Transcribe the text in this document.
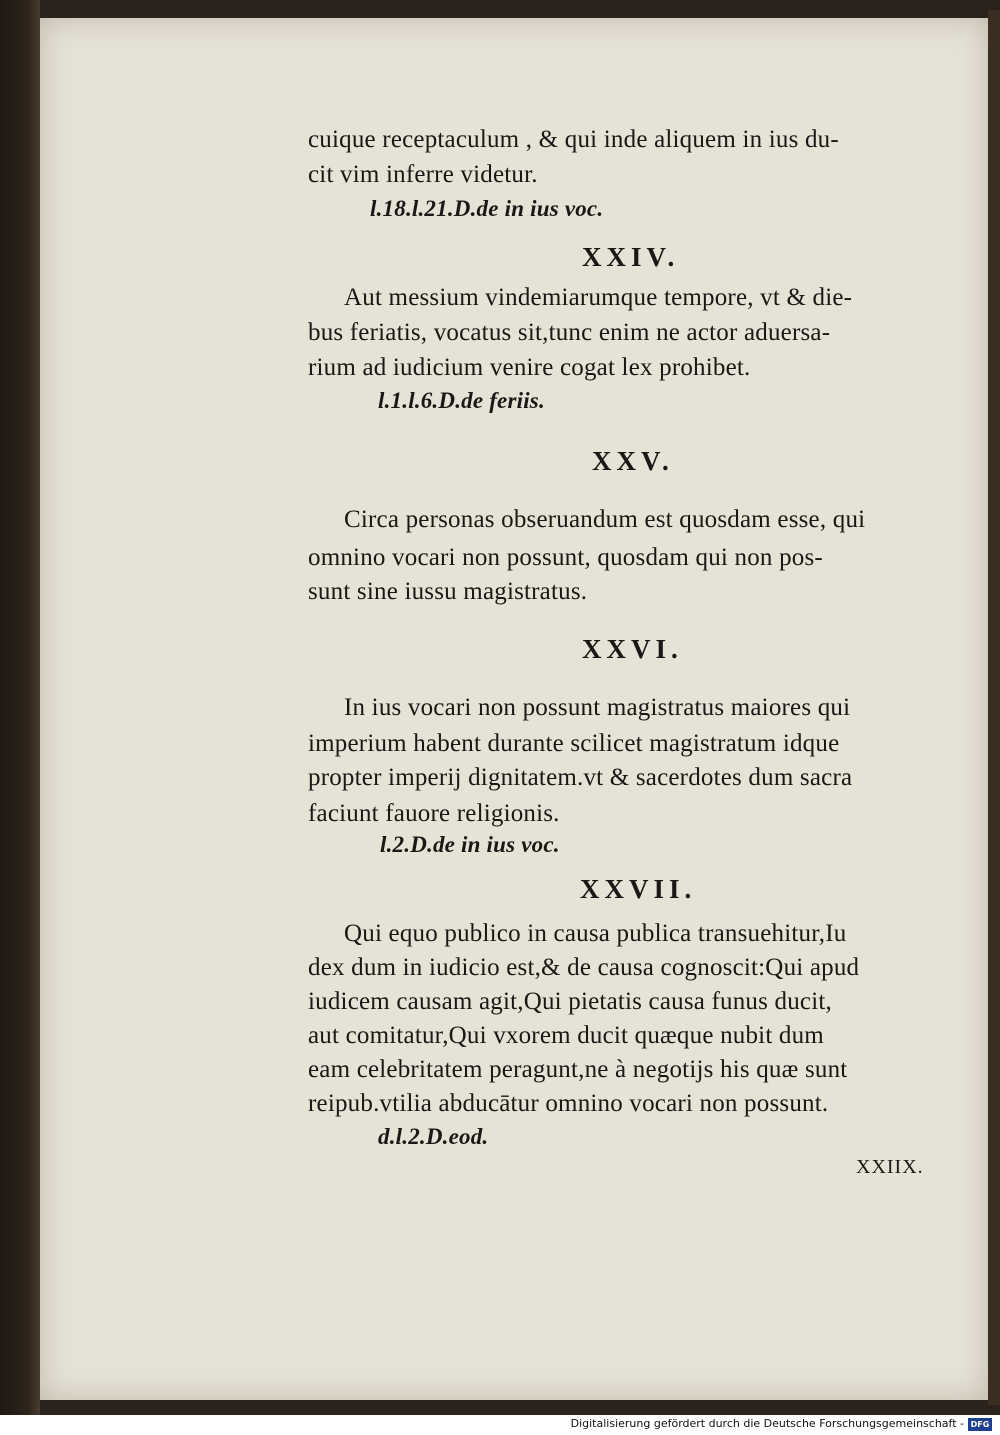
cuique receptaculum , & qui inde aliquem in ius du-
cit vim inferre videtur.
l.18.l.21.D.de in ius voc.
XXIV.
Aut messium vindemiarumque tempore, vt & die-
bus feriatis, vocatus sit,tunc enim ne actor aduersa-
rium ad iudicium venire cogat lex prohibet.
l.1.l.6.D.de feriis.
XXV.
Circa personas obseruandum est quosdam esse, qui
omnino vocari non possunt, quosdam qui non pos-
sunt sine iussu magistratus.
XXVI.
In ius vocari non possunt magistratus maiores qui
imperium habent durante scilicet magistratum idque
propter imperij dignitatem.vt & sacerdotes dum sacra
faciunt fauore religionis.
l.2.D.de in ius voc.
XXVII.
Qui equo publico in causa publica transuehitur,Iu
dex dum in iudicio est,& de causa cognoscit:Qui apud
iudicem causam agit,Qui pietatis causa funus ducit,
aut comitatur,Qui vxorem ducit quæque nubit dum
eam celebritatem peragunt,ne à negotijs his quæ sunt
reipub.vtilia abducātur omnino vocari non possunt.
d.l.2.D.eod.
XXIIX.
Digitalisierung gefördert durch die Deutsche Forschungsgemeinschaft - DFG
